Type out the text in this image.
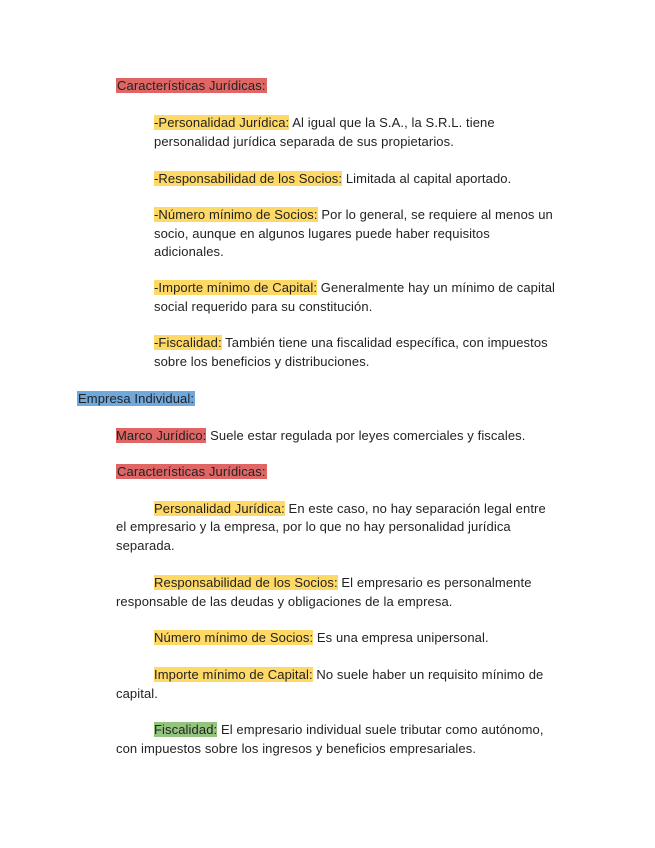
Características Jurídicas:
-Personalidad Jurídica: Al igual que la S.A., la S.R.L. tiene
personalidad jurídica separada de sus propietarios.
-Responsabilidad de los Socios: Limitada al capital aportado.
-Número mínimo de Socios: Por lo general, se requiere al menos un
socio, aunque en algunos lugares puede haber requisitos
adicionales.
-Importe mínimo de Capital: Generalmente hay un mínimo de capital
social requerido para su constitución.
-Fiscalidad: También tiene una fiscalidad específica, con impuestos
sobre los beneficios y distribuciones.
Empresa Individual:
Marco Jurídico: Suele estar regulada por leyes comerciales y fiscales.
Características Jurídicas:
Personalidad Jurídica: En este caso, no hay separación legal entre
el empresario y la empresa, por lo que no hay personalidad jurídica
separada.
Responsabilidad de los Socios: El empresario es personalmente
responsable de las deudas y obligaciones de la empresa.
Número mínimo de Socios: Es una empresa unipersonal.
Importe mínimo de Capital: No suele haber un requisito mínimo de
capital.
Fiscalidad: El empresario individual suele tributar como autónomo,
con impuestos sobre los ingresos y beneficios empresariales.
